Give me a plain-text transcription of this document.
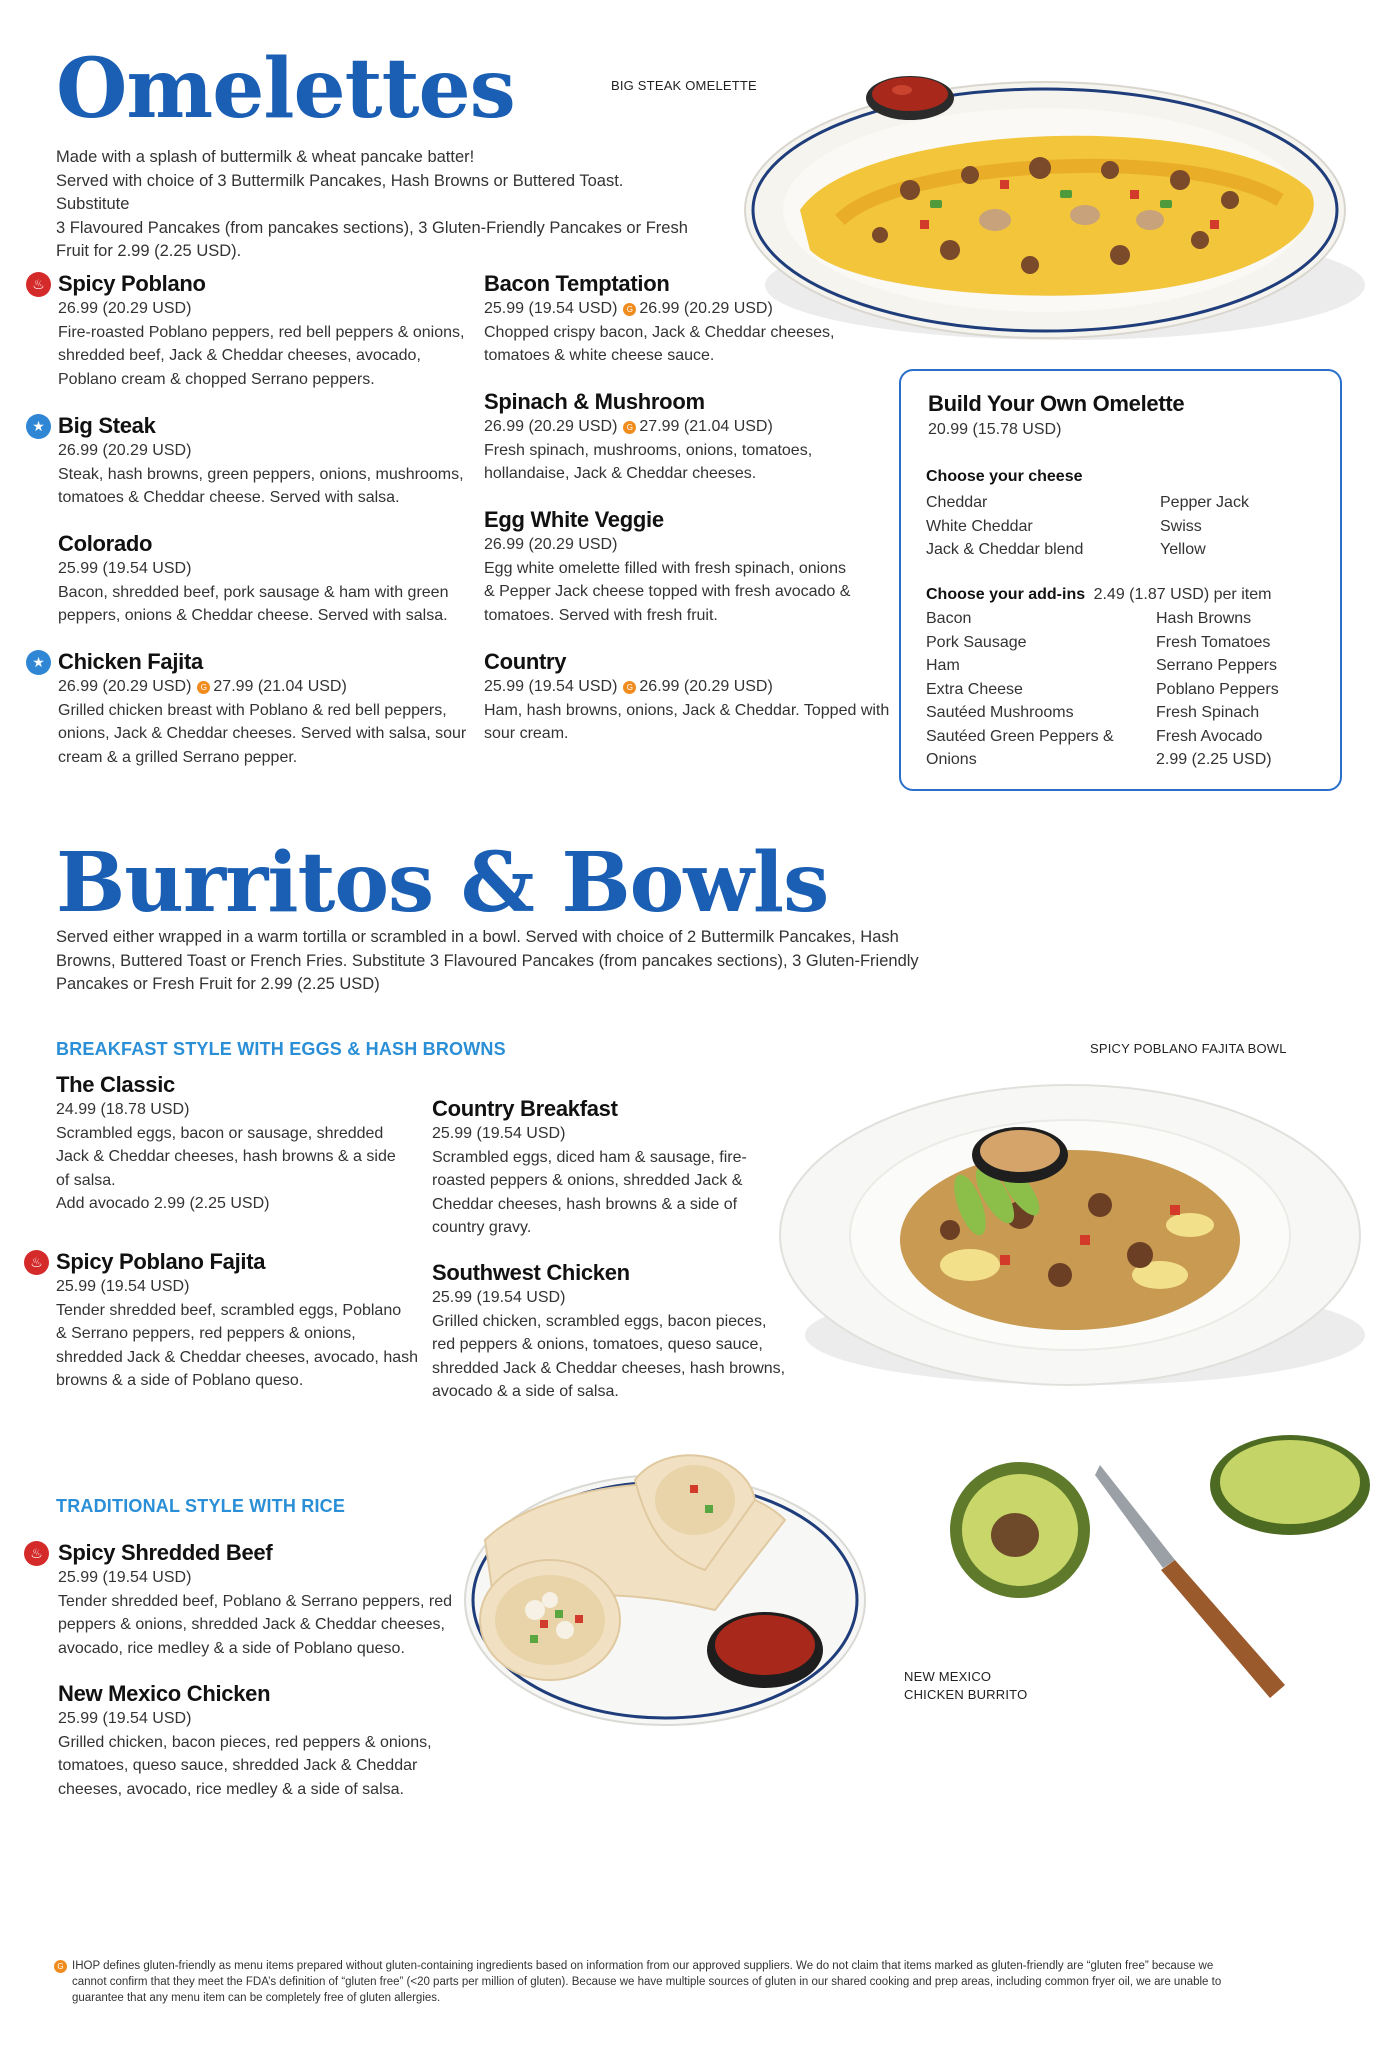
Omelettes	BIG STEAK OMELETTE
Made with a splash of buttermilk & wheat pancake batter!
Served with choice of 3 Buttermilk Pancakes, Hash Browns or Buttered Toast. Substitute
3 Flavoured Pancakes (from pancakes sections), 3 Gluten-Friendly Pancakes or Fresh
Fruit for 2.99 (2.25 USD).
♨ Spicy Poblano
26.99 (20.29 USD)
Fire-roasted Poblano peppers, red bell peppers & onions,
shredded beef, Jack & Cheddar cheeses, avocado,
Poblano cream & chopped Serrano peppers.
★ Big Steak
26.99 (20.29 USD)
Steak, hash browns, green peppers, onions, mushrooms,
tomatoes & Cheddar cheese. Served with salsa.
Colorado
25.99 (19.54 USD)
Bacon, shredded beef, pork sausage & ham with green
peppers, onions & Cheddar cheese. Served with salsa.
★ Chicken Fajita
26.99 (20.29 USD) G 27.99 (21.04 USD)
Grilled chicken breast with Poblano & red bell peppers,
onions, Jack & Cheddar cheeses. Served with salsa, sour
cream & a grilled Serrano pepper.
Bacon Temptation
25.99 (19.54 USD) G 26.99 (20.29 USD)
Chopped crispy bacon, Jack & Cheddar cheeses,
tomatoes & white cheese sauce.
Spinach & Mushroom
26.99 (20.29 USD) G 27.99 (21.04 USD)
Fresh spinach, mushrooms, onions, tomatoes,
hollandaise, Jack & Cheddar cheeses.
Egg White Veggie
26.99 (20.29 USD)
Egg white omelette filled with fresh spinach, onions
& Pepper Jack cheese topped with fresh avocado &
tomatoes. Served with fresh fruit.
Country
25.99 (19.54 USD) G 26.99 (20.29 USD)
Ham, hash browns, onions, Jack & Cheddar. Topped with
sour cream.
Build Your Own Omelette
20.99 (15.78 USD)
Choose your cheese
Cheddar
White Cheddar
Jack & Cheddar blend
Pepper Jack
Swiss
Yellow
Choose your add-ins 2.49 (1.87 USD) per item
Bacon
Pork Sausage
Ham
Extra Cheese
Sautéed Mushrooms
Sautéed Green Peppers &
Onions
Hash Browns
Fresh Tomatoes
Serrano Peppers
Poblano Peppers
Fresh Spinach
Fresh Avocado
2.99 (2.25 USD)
Burritos & Bowls
Served either wrapped in a warm tortilla or scrambled in a bowl. Served with choice of 2 Buttermilk Pancakes, Hash
Browns, Buttered Toast or French Fries. Substitute 3 Flavoured Pancakes (from pancakes sections), 3 Gluten-Friendly
Pancakes or Fresh Fruit for 2.99 (2.25 USD)
BREAKFAST STYLE WITH EGGS & HASH BROWNS	SPICY POBLANO FAJITA BOWL
The Classic
24.99 (18.78 USD)
Scrambled eggs, bacon or sausage, shredded
Jack & Cheddar cheeses, hash browns & a side
of salsa.
Add avocado 2.99 (2.25 USD)
♨ Spicy Poblano Fajita
25.99 (19.54 USD)
Tender shredded beef, scrambled eggs, Poblano
& Serrano peppers, red peppers & onions,
shredded Jack & Cheddar cheeses, avocado, hash
browns & a side of Poblano queso.
Country Breakfast
25.99 (19.54 USD)
Scrambled eggs, diced ham & sausage, fire-
roasted peppers & onions, shredded Jack &
Cheddar cheeses, hash browns & a side of
country gravy.
Southwest Chicken
25.99 (19.54 USD)
Grilled chicken, scrambled eggs, bacon pieces,
red peppers & onions, tomatoes, queso sauce,
shredded Jack & Cheddar cheeses, hash browns,
avocado & a side of salsa.
TRADITIONAL STYLE WITH RICE
♨ Spicy Shredded Beef
25.99 (19.54 USD)
Tender shredded beef, Poblano & Serrano peppers, red
peppers & onions, shredded Jack & Cheddar cheeses,
avocado, rice medley & a side of Poblano queso.
New Mexico Chicken
25.99 (19.54 USD)
Grilled chicken, bacon pieces, red peppers & onions,
tomatoes, queso sauce, shredded Jack & Cheddar
cheeses, avocado, rice medley & a side of salsa.
NEW MEXICO
CHICKEN BURRITO
G IHOP defines gluten-friendly as menu items prepared without gluten-containing ingredients based on information from our approved suppliers. We do not claim that items marked as gluten-friendly are “gluten free” because we
cannot confirm that they meet the FDA’s definition of “gluten free” (<20 parts per million of gluten). Because we have multiple sources of gluten in our shared cooking and prep areas, including common fryer oil, we are unable to
guarantee that any menu item can be completely free of gluten allergies.
